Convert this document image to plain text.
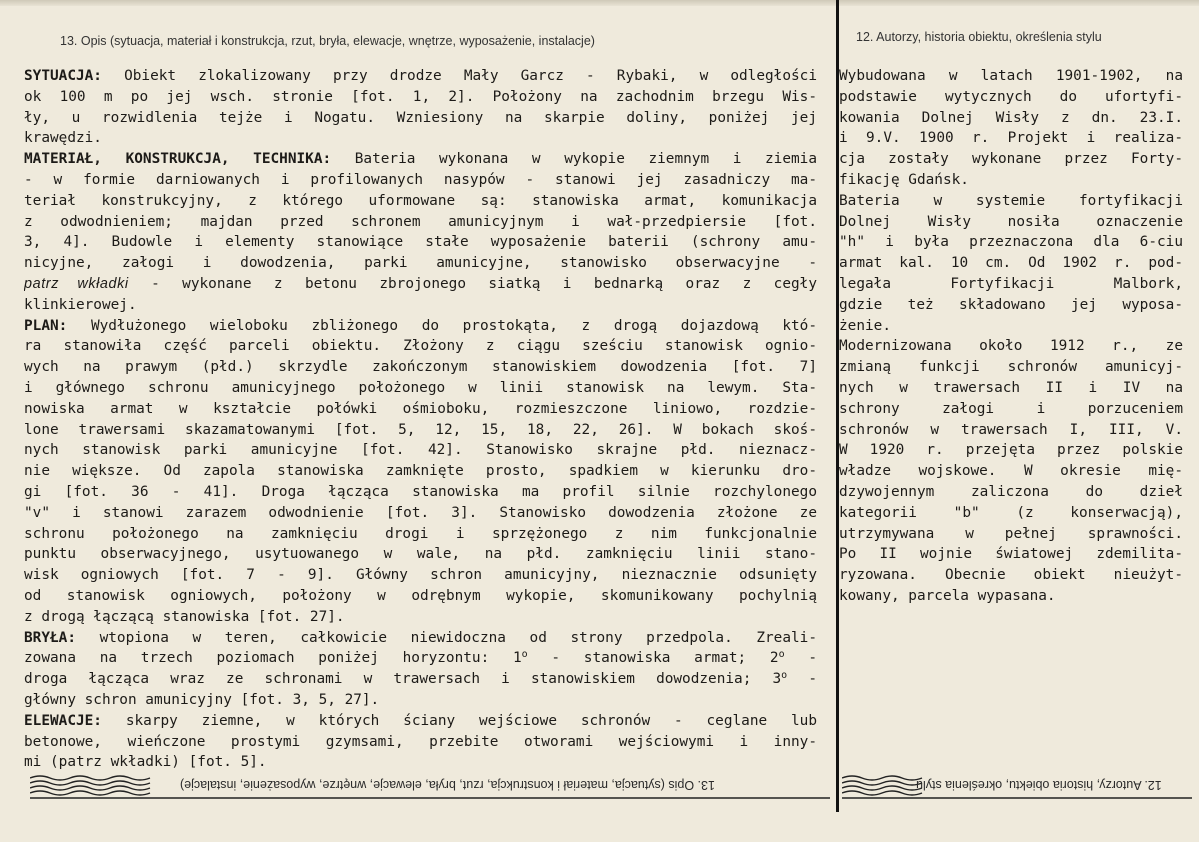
13. Opis (sytuacja, materiał i konstrukcja, rzut, bryła, elewacje, wnętrze, wyposażenie, instalacje)	12. Autorzy, historia obiektu, określenia stylu
SYTUACJA: Obiekt zlokalizowany przy drodze Mały Garcz - Rybaki, w odległości
ok 100 m po jej wsch. stronie [fot. 1, 2]. Położony na zachodnim brzegu Wis-
ły, u rozwidlenia tejże i Nogatu. Wzniesiony na skarpie doliny, poniżej jej
krawędzi.
MATERIAŁ, KONSTRUKCJA, TECHNIKA: Bateria wykonana w wykopie ziemnym i ziemia
- w formie darniowanych i profilowanych nasypów - stanowi jej zasadniczy ma-
teriał konstrukcyjny, z którego uformowane są: stanowiska armat, komunikacja
z odwodnieniem; majdan przed schronem amunicyjnym i wał-przedpiersie [fot.
3, 4]. Budowle i elementy stanowiące stałe wyposażenie baterii (schrony amu-
nicyjne, załogi i dowodzenia, parki amunicyjne, stanowisko obserwacyjne -
patrz wkładki - wykonane z betonu zbrojonego siatką i bednarką oraz z cegły
klinkierowej.
PLAN: Wydłużonego wieloboku zbliżonego do prostokąta, z drogą dojazdową któ-
ra stanowiła część parceli obiektu. Złożony z ciągu sześciu stanowisk ognio-
wych na prawym (płd.) skrzydle zakończonym stanowiskiem dowodzenia [fot. 7]
i głównego schronu amunicyjnego położonego w linii stanowisk na lewym. Sta-
nowiska armat w kształcie połówki ośmioboku, rozmieszczone liniowo, rozdzie-
lone trawersami skazamatowanymi [fot. 5, 12, 15, 18, 22, 26]. W bokach skoś-
nych stanowisk parki amunicyjne [fot. 42]. Stanowisko skrajne płd. nieznacz-
nie większe. Od zapola stanowiska zamknięte prosto, spadkiem w kierunku dro-
gi [fot. 36 - 41]. Droga łącząca stanowiska ma profil silnie rozchylonego
"v" i stanowi zarazem odwodnienie [fot. 3]. Stanowisko dowodzenia złożone ze
schronu położonego na zamknięciu drogi i sprzężonego z nim funkcjonalnie
punktu obserwacyjnego, usytuowanego w wale, na płd. zamknięciu linii stano-
wisk ogniowych [fot. 7 - 9]. Główny schron amunicyjny, nieznacznie odsunięty
od stanowisk ogniowych, położony w odrębnym wykopie, skomunikowany pochylnią
z drogą łączącą stanowiska [fot. 27].
BRYŁA: wtopiona w teren, całkowicie niewidoczna od strony przedpola. Zreali-
zowana na trzech poziomach poniżej horyzontu: 1$^o$ - stanowiska armat; 2$^o$ -
droga łącząca wraz ze schronami w trawersach i stanowiskiem dowodzenia; 3$^o$ -
główny schron amunicyjny [fot. 3, 5, 27].
ELEWACJE: skarpy ziemne, w których ściany wejściowe schronów - ceglane lub
betonowe, wieńczone prostymi gzymsami, przebite otworami wejściowymi i inny-
mi (patrz wkładki) [fot. 5].
Wybudowana w latach 1901-1902, na
podstawie wytycznych do ufortyfi-
kowania Dolnej Wisły z dn. 23.I.
i 9.V. 1900 r. Projekt i realiza-
cja zostały wykonane przez Forty-
fikację Gdańsk.
Bateria w systemie fortyfikacji
Dolnej Wisły nosiła oznaczenie
"h" i była przeznaczona dla 6-ciu
armat kal. 10 cm. Od 1902 r. pod-
legała Fortyfikacji Malbork,
gdzie też składowano jej wyposa-
żenie.
Modernizowana około 1912 r., ze
zmianą funkcji schronów amunicyj-
nych w trawersach II i IV na
schrony załogi i porzuceniem
schronów w trawersach I, III, V.
W 1920 r. przejęta przez polskie
władze wojskowe. W okresie mię-
dzywojennym zaliczona do dzieł
kategorii "b" (z konserwacją),
utrzymywana w pełnej sprawności.
Po II wojnie światowej zdemilita-
ryzowana. Obecnie obiekt nieużyt-
kowany, parcela wypasana.
13. Opis (sytuacja, materiał i konstrukcja, rzut, bryła, elewacje, wnętrze, wyposażenie, instalacje)	12. Autorzy, historia obiektu, określenia stylu
